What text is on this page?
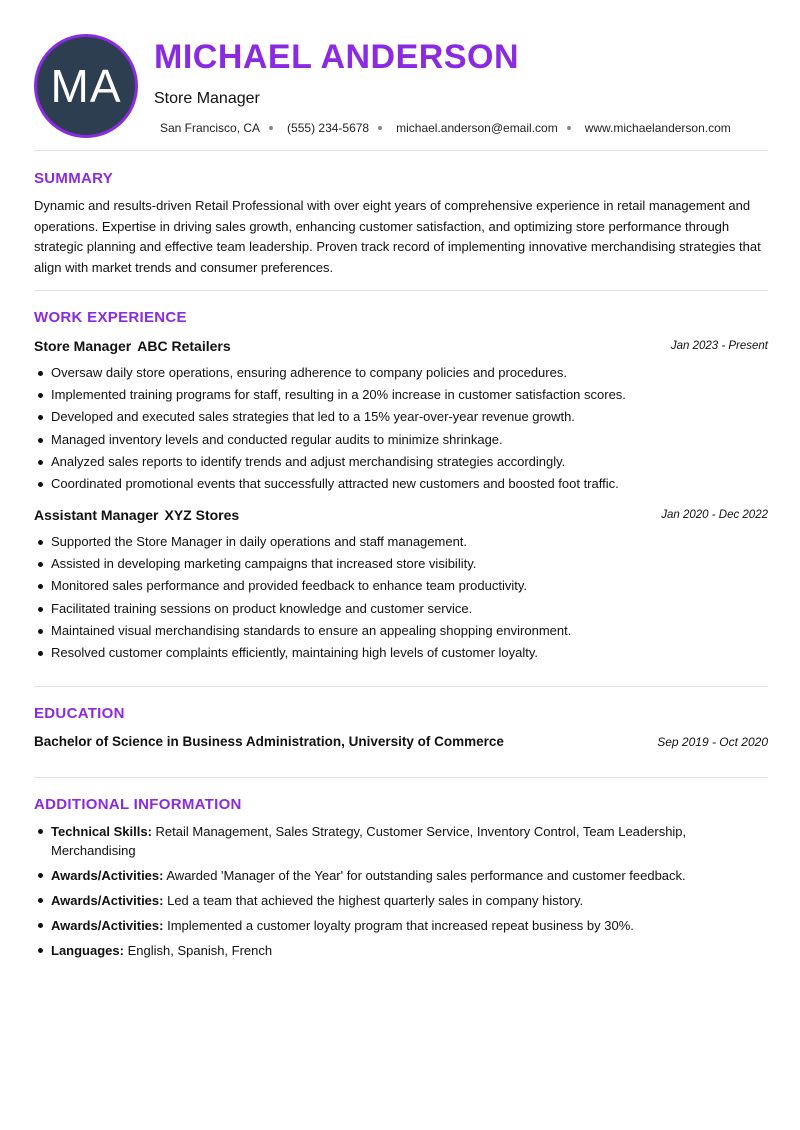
MA
MICHAEL ANDERSON
Store Manager
San Francisco, CA (555) 234-5678 michael.anderson@email.com www.michaelanderson.com
SUMMARY
Dynamic and results-driven Retail Professional with over eight years of comprehensive experience in retail management and operations. Expertise in driving sales growth, enhancing customer satisfaction, and optimizing store performance through strategic planning and effective team leadership. Proven track record of implementing innovative merchandising strategies that align with market trends and consumer preferences.
WORK EXPERIENCE
Store Manager ABC Retailers	Jan 2023 - Present
Oversaw daily store operations, ensuring adherence to company policies and procedures.
Implemented training programs for staff, resulting in a 20% increase in customer satisfaction scores.
Developed and executed sales strategies that led to a 15% year-over-year revenue growth.
Managed inventory levels and conducted regular audits to minimize shrinkage.
Analyzed sales reports to identify trends and adjust merchandising strategies accordingly.
Coordinated promotional events that successfully attracted new customers and boosted foot traffic.
Assistant Manager XYZ Stores	Jan 2020 - Dec 2022
Supported the Store Manager in daily operations and staff management.
Assisted in developing marketing campaigns that increased store visibility.
Monitored sales performance and provided feedback to enhance team productivity.
Facilitated training sessions on product knowledge and customer service.
Maintained visual merchandising standards to ensure an appealing shopping environment.
Resolved customer complaints efficiently, maintaining high levels of customer loyalty.
EDUCATION
Bachelor of Science in Business Administration, University of Commerce	Sep 2019 - Oct 2020
ADDITIONAL INFORMATION
Technical Skills: Retail Management, Sales Strategy, Customer Service, Inventory Control, Team Leadership, Merchandising
Awards/Activities: Awarded 'Manager of the Year' for outstanding sales performance and customer feedback.
Awards/Activities: Led a team that achieved the highest quarterly sales in company history.
Awards/Activities: Implemented a customer loyalty program that increased repeat business by 30%.
Languages: English, Spanish, French
